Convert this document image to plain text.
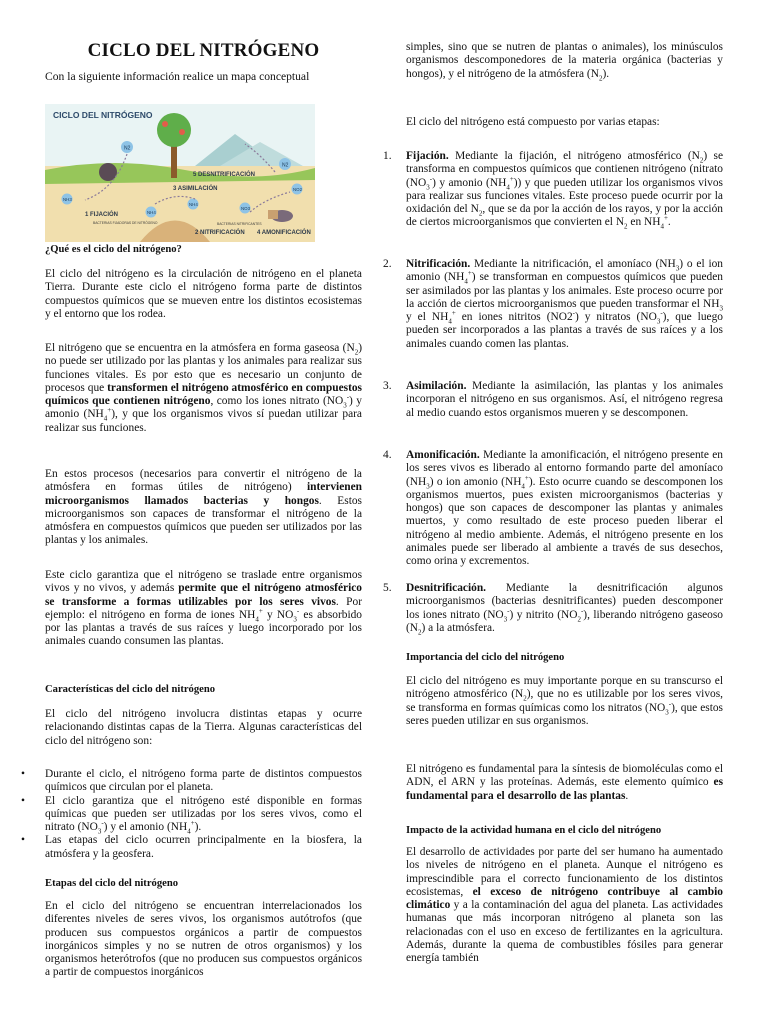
CICLO DEL NITRÓGENO
Con la siguiente información realice un mapa conceptual
CICLO DEL NITRÓGENO
N2
N2
NH3
NH4
NO3
NO2
NH4
5 DESNITRIFICACIÓN
3 ASIMILACIÓN
1 FIJACIÓN
BACTERIAS FIJADORAS DE NITRÓGENO	BACTERIAS NITRIFICANTES
2 NITRIFICACIÓN 4 AMONIFICACIÓN
¿Qué es el ciclo del nitrógeno?

El ciclo del nitrógeno es la circulación de nitrógeno en el planeta Tierra. Durante este ciclo el nitrógeno forma parte de distintos compuestos químicos que se mueven entre los distintos ecosistemas y el entorno que los rodea.

El nitrógeno que se encuentra en la atmósfera en forma gaseosa $(N_2)$ no puede ser utilizado por las plantas y los animales para realizar sus funciones vitales. Es por esto que es necesario un conjunto de procesos que transformen el nitrógeno atmosférico en compuestos químicos que contienen nitrógeno, como los iones nitrato $(NO_3^-)$ y amonio $(NH_4^+)$, y que los organismos vivos sí puedan utilizar para realizar sus funciones.

En estos procesos (necesarios para convertir el nitrógeno de la atmósfera en formas útiles de nitrógeno) intervienen microorganismos llamados bacterias y hongos. Estos microorganismos son capaces de transformar el nitrógeno de la atmósfera en compuestos químicos que pueden ser utilizados por las plantas y los animales.

Este ciclo garantiza que el nitrógeno se traslade entre organismos vivos y no vivos, y además permite que el nitrógeno atmosférico se transforme a formas utilizables por los seres vivos. Por ejemplo: el nitrógeno en forma de iones $NH_4^+$ y $NO_3^-$ es absorbido por las plantas a través de sus raíces y luego incorporado por los animales cuando consumen las plantas.

Características del ciclo del nitrógeno

El ciclo del nitrógeno involucra distintas etapas y ocurre relacionando distintas capas de la Tierra. Algunas características del ciclo del nitrógeno son:

• Durante el ciclo, el nitrógeno forma parte de distintos compuestos químicos que circulan por el planeta.
• El ciclo garantiza que el nitrógeno esté disponible en formas químicas que pueden ser utilizadas por los seres vivos, como el nitrato $(NO_3^-)$ y el amonio $(NH_4^+)$.
• Las etapas del ciclo ocurren principalmente en la biosfera, la atmósfera y la geosfera.
Etapas del ciclo del nitrógeno

En el ciclo del nitrógeno se encuentran interrelacionados los diferentes niveles de seres vivos, los organismos autótrofos (que producen sus compuestos orgánicos a partir de compuestos inorgánicos simples y no se nutren de otros organismos) y los organismos heterótrofos (que no producen sus compuestos orgánicos a partir de compuestos inorgánicos

simples, sino que se nutren de plantas o animales), los minúsculos organismos descomponedores de la materia orgánica (bacterias y hongos), y el nitrógeno de la atmósfera $(N_2)$.

El ciclo del nitrógeno está compuesto por varias etapas:

1. Fijación. Mediante la fijación, el nitrógeno atmosférico $(N_2)$ se transforma en compuestos químicos que contienen nitrógeno (nitrato $(NO_3^-)$ y amonio $(NH_4^+)$) y que pueden utilizar los organismos vivos para realizar sus funciones vitales. Este proceso puede ocurrir por la oxidación del $N_2$, que se da por la acción de los rayos, y por la acción de ciertos microorganismos que convierten el $N_2$ en $NH_4^+$.

2. Nitrificación. Mediante la nitrificación, el amoníaco $(NH_3)$ o el ion amonio $(NH_4^+)$ se transforman en compuestos químicos que pueden ser asimilados por las plantas y los animales. Este proceso ocurre por la acción de ciertos microorganismos que pueden transformar el $NH_3$ y el $NH_4^+$ en iones nitritos (NO2-) y nitratos $(NO_3^-)$, que luego pueden ser incorporados a las plantas a través de sus raíces y a los animales cuando comen las plantas.

3. Asimilación. Mediante la asimilación, las plantas y los animales incorporan el nitrógeno en sus organismos. Así, el nitrógeno regresa al medio cuando estos organismos mueren y se descomponen.

4. Amonificación. Mediante la amonificación, el nitrógeno presente en los seres vivos es liberado al entorno formando parte del amoníaco $(NH_3)$ o ion amonio $(NH_4^+)$. Esto ocurre cuando se descomponen los organismos muertos, pues existen microorganismos (bacterias y hongos) que son capaces de descomponer las plantas y animales muertos, y como resultado de este proceso pueden liberar el nitrógeno al medio ambiente. Además, el nitrógeno presente en los animales puede ser liberado al ambiente a través de sus desechos, como orina y excrementos.

5. Desnitrificación. Mediante la desnitrificación algunos microorganismos (bacterias desnitrificantes) pueden descomponer los iones nitrato $(NO_3^-)$ y nitrito $(NO_2^-)$, liberando nitrógeno gaseoso $(N_2)$ a la atmósfera.

Importancia del ciclo del nitrógeno

El ciclo del nitrógeno es muy importante porque en su transcurso el nitrógeno atmosférico $(N_2)$, que no es utilizable por los seres vivos, se transforma en formas químicas como los nitratos $(NO_3^-)$, que estos seres pueden utilizar en sus organismos.

El nitrógeno es fundamental para la síntesis de biomoléculas como el ADN, el ARN y las proteínas. Además, este elemento químico es fundamental para el desarrollo de las plantas.

Impacto de la actividad humana en el ciclo del nitrógeno

El desarrollo de actividades por parte del ser humano ha aumentado los niveles de nitrógeno en el planeta. Aunque el nitrógeno es imprescindible para el correcto funcionamiento de los distintos ecosistemas, el exceso de nitrógeno contribuye al cambio climático y a la contaminación del agua del planeta. Las actividades humanas que más incorporan nitrógeno al planeta son las relacionadas con el uso en exceso de fertilizantes en la agricultura. Además, durante la quema de combustibles fósiles para generar energía también
